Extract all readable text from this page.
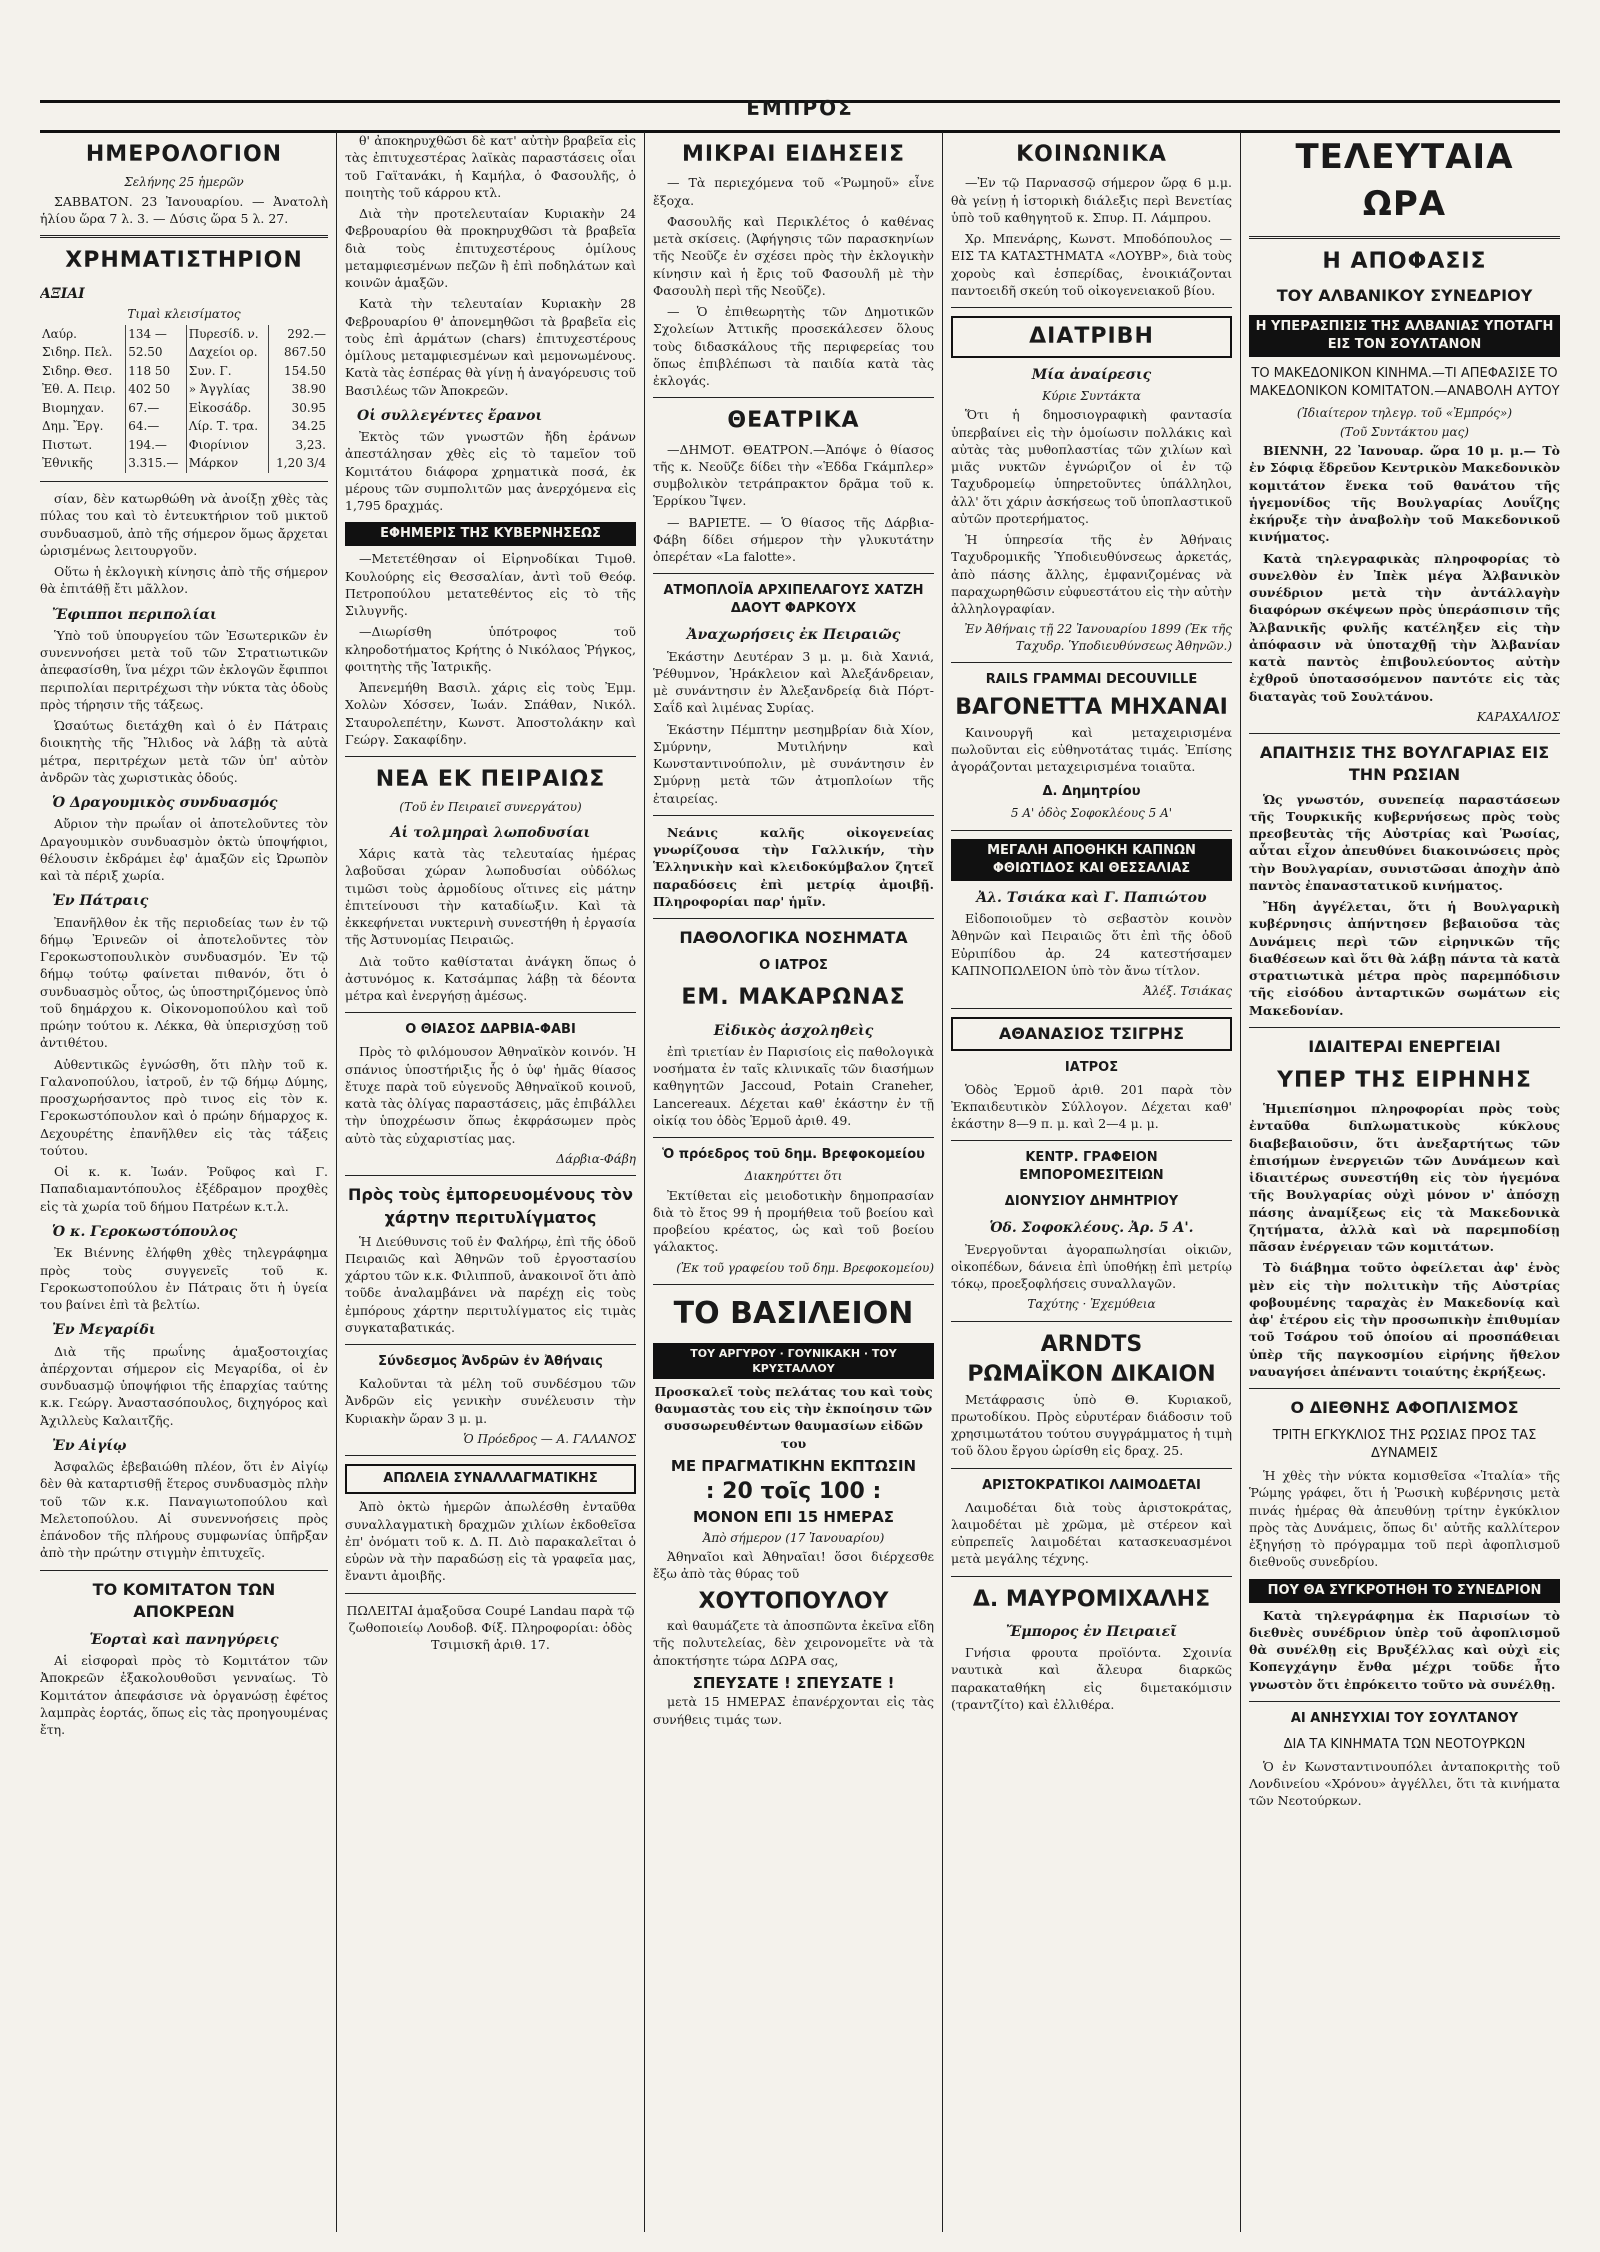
ΕΜΠΡΟΣ
ΗΜΕΡΟΛΟΓΙΟΝ
Σελήνης 25 ἡμερῶν

ΣΑΒΒΑΤΟΝ. 23 Ἰανουαρίου. — Ἀνατολὴ ἡλίου ὥρα 7 λ. 3. — Δύσις ὥρα 5 λ. 27.

ΧΡΗΜΑΤΙΣΤΗΡΙΟΝ
ΑΞΙΑΙ
Τιμαὶ κλεισίματος
Λαύρ.	134 —	Πυρεσίδ. ν.	292.—
Σιδηρ. Πελ.	52.50	Δαχείοι ορ.	867.50
Σιδηρ. Θεσ.	118 50	Συν. Γ.	154.50
Ἐθ. Α. Πειρ.	402 50	» Ἀγγλίας	38.90
Βιομηχαν.	67.—	Εἰκοσάδρ.	30.95
Δημ. Ἔργ.	64.—	Λίρ. Τ. τρα.	34.25
Πιστωτ.	194.—	Φιορίνιον	3,23.
Ἐθνικῆς	3.315.—	Μάρκον	1,20 3/4

σίαν, δὲν κατωρθώθη νὰ ἀνοίξῃ χθὲς τὰς πύλας του καὶ τὸ ἐντευκτήριον τοῦ μικτοῦ συνδυασμοῦ, ἀπὸ τῆς σήμερον ὅμως ἄρχεται ὡρισμένως λειτουργοῦν.

Οὕτω ἡ ἐκλογικὴ κίνησις ἀπὸ τῆς σήμερον θὰ ἐπιτάθῇ ἔτι μᾶλλον.

Ἔφιπποι περιπολίαι

Ὑπὸ τοῦ ὑπουργείου τῶν Ἐσωτερικῶν ἐν συνεννοήσει μετὰ τοῦ τῶν Στρατιωτικῶν ἀπεφασίσθη, ἵνα μέχρι τῶν ἐκλογῶν ἔφιπποι περιπολίαι περιτρέχωσι τὴν νύκτα τὰς ὁδοὺς πρὸς τήρησιν τῆς τάξεως.

Ὡσαύτως διετάχθη καὶ ὁ ἐν Πάτραις διοικητὴς τῆς Ἤλιδος νὰ λάβῃ τὰ αὐτὰ μέτρα, περιτρέχων μετὰ τῶν ὑπ' αὐτὸν ἀνδρῶν τὰς χωριστικὰς ὁδούς.

Ὁ Δραγουμικὸς συνδυασμός

Αὔριον τὴν πρωΐαν οἱ ἀποτελοῦντες τὸν Δραγουμικὸν συνδυασμὸν ὀκτὼ ὑποψήφιοι, θέλουσιν ἐκδράμει ἐφ' ἁμαξῶν εἰς Ὠρωπὸν καὶ τὰ πέριξ χωρία.

Ἐν Πάτραις

Ἐπανῆλθον ἐκ τῆς περιοδείας των ἐν τῷ δήμῳ Ἐρινεῶν οἱ ἀποτελοῦντες τὸν Γεροκωστοπουλικὸν συνδυασμόν. Ἐν τῷ δήμῳ τούτῳ φαίνεται πιθανόν, ὅτι ὁ συνδυασμὸς οὗτος, ὡς ὑποστηριζόμενος ὑπὸ τοῦ δημάρχου κ. Οἰκονομοπούλου καὶ τοῦ πρώην τούτου κ. Λέκκα, θὰ ὑπερισχύσῃ τοῦ ἀντιθέτου.

Αὐθεντικῶς ἐγνώσθη, ὅτι πλὴν τοῦ κ. Γαλανοπούλου, ἰατροῦ, ἐν τῷ δήμῳ Δύμης, προσχωρήσαντος πρὸ τινος εἰς τὸν κ. Γεροκωστόπουλον καὶ ὁ πρώην δήμαρχος κ. Δεχουρέτης ἐπανῆλθεν εἰς τὰς τάξεις τούτου.

Οἱ κ. κ. Ἰωάν. Ῥοῦφος καὶ Γ. Παπαδιαμαντόπουλος ἐξέδραμον προχθὲς εἰς τὰ χωρία τοῦ δήμου Πατρέων κ.τ.λ.

Ὁ κ. Γεροκωστόπουλος

Ἐκ Βιέννης ἐλήφθη χθὲς τηλεγράφημα πρὸς τοὺς συγγενεῖς τοῦ κ. Γεροκωστοπούλου ἐν Πάτραις ὅτι ἡ ὑγεία του βαίνει ἐπὶ τὰ βελτίω.

Ἐν Μεγαρίδι

Διὰ τῆς πρωΐνης ἁμαξοστοιχίας ἀπέρχονται σήμερον εἰς Μεγαρίδα, οἱ ἐν συνδυασμῷ ὑποψήφιοι τῆς ἐπαρχίας ταύτης κ.κ. Γεώργ. Ἀναστασόπουλος, διχηγόρος καὶ Ἀχιλλεὺς Καλαιτζῆς.

Ἐν Αἰγίῳ

Ἀσφαλῶς ἐβεβαιώθη πλέον, ὅτι ἐν Αἰγίῳ δὲν θὰ καταρτισθῇ ἕτερος συνδυασμὸς πλὴν τοῦ τῶν κ.κ. Παναγιωτοπούλου καὶ Μελετοπούλου. Αἱ συνεννοήσεις πρὸς ἐπάνοδον τῆς πλήρους συμφωνίας ὑπῆρξαν ἀπὸ τὴν πρώτην στιγμὴν ἐπιτυχεῖς.

ΤΟ ΚΟΜΙΤΑΤΟΝ ΤΩΝ ΑΠΟΚΡΕΩΝ
Ἑορταὶ καὶ πανηγύρεις

Αἱ εἰσφοραὶ πρὸς τὸ Κομιτάτον τῶν Ἀποκρεῶν ἐξακολουθοῦσι γενναίως. Τὸ Κομιτάτον ἀπεφάσισε νὰ ὀργανώσῃ ἐφέτος λαμπρὰς ἑορτάς, ὅπως εἰς τὰς προηγουμένας ἔτη.

θ' ἀποκηρυχθῶσι δὲ κατ' αὐτὴν βραβεῖα εἰς τὰς ἐπιτυχεστέρας λαϊκὰς παραστάσεις οἷαι τοῦ Γαϊτανάκι, ἡ Καμήλα, ὁ Φασουλῆς, ὁ ποιητὴς τοῦ κάρρου κτλ.

Διὰ τὴν προτελευταίαν Κυριακὴν 24 Φεβρουαρίου θὰ προκηρυχθῶσι τὰ βραβεῖα διὰ τοὺς ἐπιτυχεστέρους ὁμίλους μεταμφιεσμένων πεζῶν ἢ ἐπὶ ποδηλάτων καὶ κοινῶν ἁμαξῶν.

Κατὰ τὴν τελευταίαν Κυριακὴν 28 Φεβρουαρίου θ' ἀπονεμηθῶσι τὰ βραβεῖα εἰς τοὺς ἐπὶ ἁρμάτων (chars) ἐπιτυχεστέρους ὁμίλους μεταμφιεσμένων καὶ μεμονωμένους. Κατὰ τὰς ἑσπέρας θὰ γίνῃ ἡ ἀναγόρευσις τοῦ Βασιλέως τῶν Ἀποκρεῶν.

Οἱ συλλεγέντες ἔρανοι

Ἐκτὸς τῶν γνωστῶν ἤδη ἐράνων ἀπεστάλησαν χθὲς εἰς τὸ ταμεῖον τοῦ Κομιτάτου διάφορα χρηματικὰ ποσά, ἐκ μέρους τῶν συμπολιτῶν μας ἀνερχόμενα εἰς 1,795 δραχμάς.

ΕΦΗΜΕΡΙΣ ΤΗΣ ΚΥΒΕΡΝΗΣΕΩΣ

—Μετετέθησαν οἱ Εἰρηνοδίκαι Τιμοθ. Κουλούρης εἰς Θεσσαλίαν, ἀντὶ τοῦ Θεόφ. Πετροπούλου μετατεθέντος εἰς τὸ τῆς Σιλυγνῆς.

—Διωρίσθη ὑπότροφος τοῦ κληροδοτήματος Κρήτης ὁ Νικόλαος Ῥήγκος, φοιτητὴς τῆς Ἰατρικῆς.

Ἀπενεμήθη Βασιλ. χάρις εἰς τοὺς Ἐμμ. Χολὼν Χόσσεν, Ἰωάν. Σπάθαν, Νικόλ. Σταυρολεπέτην, Κωνστ. Ἀποστολάκην καὶ Γεώργ. Σακαφίδην.

ΝΕΑ ΕΚ ΠΕΙΡΑΙΩΣ
(Τοῦ ἐν Πειραιεῖ συνεργάτου)
Αἱ τολμηραὶ λωποδυσίαι

Χάρις κατὰ τὰς τελευταίας ἡμέρας λαβοῦσαι χώραν λωποδυσίαι οὐδόλως τιμῶσι τοὺς ἀρμοδίους οἵτινες εἰς μάτην ἐπιτείνουσι τὴν καταδίωξιν. Καὶ τὰ ἐκκεφήνεται νυκτερινὴ συνεστήθη ἡ ἐργασία τῆς Ἀστυνομίας Πειραιῶς.

Διὰ τοῦτο καθίσταται ἀνάγκη ὅπως ὁ ἀστυνόμος κ. Κατσάμπας λάβῃ τὰ δέοντα μέτρα καὶ ἐνεργήσῃ ἀμέσως.

Ο ΘΙΑΣΟΣ ΔΑΡΒΙΑ-ΦΑΒΙ

Πρὸς τὸ φιλόμουσον Ἀθηναϊκὸν κοινόν. Ἡ σπάνιος ὑποστήριξις ἧς ὁ ὑφ' ἡμᾶς θίασος ἔτυχε παρὰ τοῦ εὐγενοῦς Ἀθηναϊκοῦ κοινοῦ, κατὰ τὰς ὀλίγας παραστάσεις, μᾶς ἐπιβάλλει τὴν ὑποχρέωσιν ὅπως ἐκφράσωμεν πρὸς αὐτὸ τὰς εὐχαριστίας μας.

Δάρβια-Φάβη
Πρὸς τοὺς ἐμπορευομένους τὸν χάρτην περιτυλίγματος

Ἡ Διεύθυνσις τοῦ ἐν Φαλήρῳ, ἐπὶ τῆς ὁδοῦ Πειραιῶς καὶ Ἀθηνῶν τοῦ ἐργοστασίου χάρτου τῶν κ.κ. Φιλιπποῦ, ἀνακοινοῖ ὅτι ἀπὸ τοῦδε ἀναλαμβάνει νὰ παρέχῃ εἰς τοὺς ἐμπόρους χάρτην περιτυλίγματος εἰς τιμὰς συγκαταβατικάς.

Σύνδεσμος Ἀνδρῶν ἐν Ἀθήναις

Καλοῦνται τὰ μέλη τοῦ συνδέσμου τῶν Ἀνδρῶν εἰς γενικὴν συνέλευσιν τὴν Κυριακὴν ὥραν 3 μ. μ.

Ὁ Πρόεδρος — Α. ΓΑΛΑΝΟΣ
ΑΠΩΛΕΙΑ ΣΥΝΑΛΛΑΓΜΑΤΙΚΗΣ

Ἀπὸ ὀκτὼ ἡμερῶν ἀπωλέσθη ἐνταῦθα συναλλαγματικὴ δραχμῶν χιλίων ἐκδοθεῖσα ἐπ' ὀνόματι τοῦ κ. Δ. Π. Διὸ παρακαλεῖται ὁ εὑρὼν νὰ τὴν παραδώσῃ εἰς τὰ γραφεῖα μας, ἔναντι ἀμοιβῆς.

ΠΩΛΕΙΤΑΙ ἁμαξοῦσα Coupé Landau παρὰ τῷ ζωθοποιείῳ Λουδοβ. Φίξ. Πληροφορίαι: ὁδὸς Τσιμισκῆ ἀριθ. 17.

ΜΙΚΡΑΙ ΕΙΔΗΣΕΙΣ

— Τὰ περιεχόμενα τοῦ «Ῥωμηοῦ» εἶνε ἔξοχα.

Φασουλῆς καὶ Περικλέτος ὁ καθένας μετὰ σκίσεις. (Ἀφήγησις τῶν παρασκηνίων τῆς Νεοῦζε ἐν σχέσει πρὸς τὴν ἐκλογικὴν κίνησιν καὶ ἡ ἔρις τοῦ Φασουλῆ μὲ τὴν Φασουλὴ περὶ τῆς Νεοῦζε).

— Ὁ ἐπιθεωρητὴς τῶν Δημοτικῶν Σχολείων Ἀττικῆς προσεκάλεσεν ὅλους τοὺς διδασκάλους τῆς περιφερείας του ὅπως ἐπιβλέπωσι τὰ παιδία κατὰ τὰς ἐκλογάς.

ΘΕΑΤΡΙΚΑ

—ΔΗΜΟΤ. ΘΕΑΤΡΟΝ.—Ἀπόψε ὁ θίασος τῆς κ. Νεοῦζε δίδει τὴν «Ἑδδα Γκάμπλερ» συμβολικὸν τετράπρακτον δρᾶμα τοῦ κ. Ἑρρίκου Ἴψεν.

— ΒΑΡΙΕΤΕ. — Ὁ θίασος τῆς Δάρβια-Φάβη δίδει σήμερον τὴν γλυκυτάτην ὀπερέταν «La falotte».

ΑΤΜΟΠΛΟΪΑ ΑΡΧΙΠΕΛΑΓΟΥΣ ΧΑΤΖΗ ΔΑΟΥΤ ΦΑΡΚΟΥΧ
Ἀναχωρήσεις ἐκ Πειραιῶς

Ἑκάστην Δευτέραν 3 μ. μ. διὰ Χανιά, Ῥέθυμνον, Ἡράκλειον καὶ Ἀλεξάνδρειαν, μὲ συνάντησιν ἐν Ἀλεξανδρείᾳ διὰ Πόρτ-Σαΐδ καὶ λιμένας Συρίας.

Ἑκάστην Πέμπτην μεσημβρίαν διὰ Χίον, Σμύρνην, Μυτιλήνην καὶ Κωνσταντινούπολιν, μὲ συνάντησιν ἐν Σμύρνῃ μετὰ τῶν ἀτμοπλοίων τῆς ἐταιρείας.

Νεάνις καλῆς οἰκογενείας γνωρίζουσα τὴν Γαλλικήν, τὴν Ἑλληνικὴν καὶ κλειδοκύμβαλον ζητεῖ παραδόσεις ἐπὶ μετρίᾳ ἀμοιβῇ. Πληροφορίαι παρ' ἡμῖν.

ΠΑΘΟΛΟΓΙΚΑ ΝΟΣΗΜΑΤΑ
Ο ΙΑΤΡΟΣ
ΕΜ. ΜΑΚΑΡΩΝΑΣ
Εἰδικὸς ἀσχοληθεὶς

ἐπὶ τριετίαν ἐν Παρισίοις εἰς παθολογικὰ νοσήματα ἐν ταῖς κλινικαῖς τῶν διασήμων καθηγητῶν Jaccoud, Potain Craneher, Lancereaux. Δέχεται καθ' ἑκάστην ἐν τῇ οἰκίᾳ του ὁδὸς Ἑρμοῦ ἀριθ. 49.

Ὁ πρόεδρος τοῦ δημ. Βρεφοκομείου
Διακηρύττει ὅτι

Ἐκτίθεται εἰς μειοδοτικὴν δημοπρασίαν διὰ τὸ ἔτος 99 ἡ προμήθεια τοῦ βοείου καὶ προβείου κρέατος, ὡς καὶ τοῦ βοείου γάλακτος.

(Ἐκ τοῦ γραφείου τοῦ δημ. Βρεφοκομείου)
ΤΟ ΒΑΣΙΛΕΙΟΝ
ΤΟΥ ΑΡΓΥΡΟΥ · ΓΟΥΝΙΚΑΚΗ · ΤΟΥ ΚΡΥΣΤΑΛΛΟΥ

Προσκαλεῖ τοὺς πελάτας του καὶ τοὺς θαυμαστὰς του εἰς τὴν ἐκποίησιν τῶν συσσωρευθέντων θαυμασίων εἰδῶν του

ΜΕ ΠΡΑΓΜΑΤΙΚΗΝ ΕΚΠΤΩΣΙΝ
: 20 τοῖς 100 :
ΜΟΝΟΝ ΕΠΙ 15 ΗΜΕΡΑΣ
Ἀπὸ σήμερον (17 Ἰανουαρίου)

Ἀθηναῖοι καὶ Ἀθηναῖαι! ὅσοι διέρχεσθε ἔξω ἀπὸ τὰς θύρας τοῦ

ΧΟΥΤΟΠΟΥΛΟΥ

καὶ θαυμάζετε τὰ ἀποσπῶντα ἐκεῖνα εἴδη τῆς πολυτελείας, δὲν χειρονομεῖτε νὰ τὰ ἀποκτήσητε τώρα ΔΩΡΑ σας,

ΣΠΕΥΣΑΤΕ ! ΣΠΕΥΣΑΤΕ !

μετὰ 15 ΗΜΕΡΑΣ ἐπανέρχονται εἰς τὰς συνήθεις τιμάς των.

ΚΟΙΝΩΝΙΚΑ

—Ἐν τῷ Παρνασσῷ σήμερον ὥρᾳ 6 μ.μ. θὰ γείνῃ ἡ ἱστορικὴ διάλεξις περὶ Βενετίας ὑπὸ τοῦ καθηγητοῦ κ. Σπυρ. Π. Λάμπρου.

Χρ. Μπενάρης, Κωνστ. Μποδόπουλος —ΕΙΣ ΤΑ ΚΑΤΑΣΤΗΜΑΤΑ «ΛΟΥΒΡ», διὰ τοὺς χοροὺς καὶ ἑσπερίδας, ἐνοικιάζονται παντοειδῆ σκεύη τοῦ οἰκογενειακοῦ βίου.

ΔΙΑΤΡΙΒΗ
Μία ἀναίρεσις
Κύριε Συντάκτα

Ὅτι ἡ δημοσιογραφικὴ φαντασία ὑπερβαίνει εἰς τὴν ὁμοίωσιν πολλάκις καὶ αὐτὰς τὰς μυθοπλαστίας τῶν χιλίων καὶ μιᾶς νυκτῶν ἐγνώριζον οἱ ἐν τῷ Ταχυδρομείῳ ὑπηρετοῦντες ὑπάλληλοι, ἀλλ' ὅτι χάριν ἀσκήσεως τοῦ ὑποπλαστικοῦ αὐτῶν προτερήματος.

Ἡ ὑπηρεσία τῆς ἐν Ἀθήναις Ταχυδρομικῆς Ὑποδιευθύνσεως ἀρκετάς, ἀπὸ πάσης ἄλλης, ἐμφανιζομένας νὰ παραχωρηθῶσιν εὐφυεστάτου εἰς τὴν αὐτὴν ἀλληλογραφίαν.

Ἐν Ἀθήναις τῇ 22 Ἰανουαρίου 1899 (Ἐκ τῆς Ταχυδρ. Ὑποδιευθύνσεως Ἀθηνῶν.)
RAILS ΓΡΑΜΜΑΙ DECOUVILLE
ΒΑΓΟΝΕΤΤΑ ΜΗΧΑΝΑΙ

Καινουργῆ καὶ μεταχειρισμένα πωλοῦνται εἰς εὐθηνοτάτας τιμάς. Ἐπίσης ἀγοράζονται μεταχειρισμένα τοιαῦτα.

Δ. Δημητρίου
5 Α' ὁδὸς Σοφοκλέους 5 Α'
ΜΕΓΑΛΗ ΑΠΟΘΗΚΗ ΚΑΠΝΩΝ ΦΘΙΩΤΙΔΟΣ ΚΑΙ ΘΕΣΣΑΛΙΑΣ
Ἀλ. Τσιάκα καὶ Γ. Παπιώτου

Εἰδοποιοῦμεν τὸ σεβαστὸν κοινὸν Ἀθηνῶν καὶ Πειραιῶς ὅτι ἐπὶ τῆς ὁδοῦ Εὐριπίδου ἀρ. 24 κατεστήσαμεν ΚΑΠΝΟΠΩΛΕΙΟΝ ὑπὸ τὸν ἄνω τίτλον.

Ἀλέξ. Τσιάκας
ΑΘΑΝΑΣΙΟΣ ΤΣΙΓΡΗΣ
ΙΑΤΡΟΣ

Ὁδὸς Ἑρμοῦ ἀριθ. 201 παρὰ τὸν Ἐκπαιδευτικὸν Σύλλογον. Δέχεται καθ' ἑκάστην 8—9 π. μ. καὶ 2—4 μ. μ.

ΚΕΝΤΡ. ΓΡΑΦΕΙΟΝ ΕΜΠΟΡΟΜΕΣΙΤΕΙΩΝ
ΔΙΟΝΥΣΙΟΥ ΔΗΜΗΤΡΙΟΥ
Ὁδ. Σοφοκλέους. Ἀρ. 5 Α'.

Ἐνεργοῦνται ἀγοραπωλησίαι οἰκιῶν, οἰκοπέδων, δάνεια ἐπὶ ὑποθήκῃ ἐπὶ μετρίῳ τόκῳ, προεξοφλήσεις συναλλαγῶν.

Ταχύτης · Ἐχεμύθεια
ARNDTS
ΡΩΜΑΪΚΟΝ ΔΙΚΑΙΟΝ

Μετάφρασις ὑπὸ Θ. Κυριακοῦ, πρωτοδίκου. Πρὸς εὐρυτέραν διάδοσιν τοῦ χρησιμωτάτου τούτου συγγράμματος ἡ τιμὴ τοῦ ὅλου ἔργου ὡρίσθη εἰς δραχ. 25.

ΑΡΙΣΤΟΚΡΑΤΙΚΟΙ ΛΑΙΜΟΔΕΤΑΙ

Λαιμοδέται διὰ τοὺς ἀριστοκράτας, λαιμοδέται μὲ χρῶμα, μὲ στέρεον καὶ εὐπρεπεῖς λαιμοδέται κατασκευασμένοι μετὰ μεγάλης τέχνης.

Δ. ΜΑΥΡΟΜΙΧΑΛΗΣ
Ἔμπορος ἐν Πειραιεῖ

Γνήσια φρουτα προϊόντα. Σχοινία ναυτικὰ καὶ ἄλευρα διαρκῶς παρακαταθήκη εἰς διμετακόμισιν (τραντζίτο) καὶ ἐλλιθέρα.

ΤΕΛΕΥΤΑΙΑ ΩΡΑ
Η ΑΠΟΦΑΣΙΣ
ΤΟΥ ΑΛΒΑΝΙΚΟΥ ΣΥΝΕΔΡΙΟΥ
Η ΥΠΕΡΑΣΠΙΣΙΣ ΤΗΣ ΑΛΒΑΝΙΑΣ ΥΠΟΤΑΓΗ ΕΙΣ ΤΟΝ ΣΟΥΛΤΑΝΟΝ
ΤΟ ΜΑΚΕΔΟΝΙΚΟΝ ΚΙΝΗΜΑ.—ΤΙ ΑΠΕΦΑΣΙΣΕ ΤΟ ΜΑΚΕΔΟΝΙΚΟΝ ΚΟΜΙΤΑΤΟΝ.—ΑΝΑΒΟΛΗ ΑΥΤΟΥ
(Ἰδιαίτερον τηλεγρ. τοῦ «Ἐμπρός»)
(Τοῦ Συντάκτου μας)

ΒΙΕΝΝΗ, 22 Ἰανουαρ. ὥρα 10 μ. μ.— Τὸ ἐν Σόφιᾳ ἕδρεῦον Κεντρικὸν Μακεδονικὸν κομιτάτον ἕνεκα τοῦ θανάτου τῆς ἡγεμονίδος τῆς Βουλγαρίας Λουΐζης ἐκήρυξε τὴν ἀναβολὴν τοῦ Μακεδονικοῦ κινήματος.

Κατὰ τηλεγραφικὰς πληροφορίας τὸ συνελθὸν ἐν Ἰπὲκ μέγα Ἀλβανικὸν συνέδριον μετὰ τὴν ἀντάλλαγὴν διαφόρων σκέψεων πρὸς ὑπεράσπισιν τῆς Ἀλβανικῆς φυλῆς κατέληξεν εἰς τὴν ἀπόφασιν νὰ ὑποταχθῇ τὴν Ἀλβανίαν κατὰ παντὸς ἐπιβουλεύοντος αὐτὴν ἐχθροῦ ὑποτασσόμενον παντότε εἰς τὰς διαταγὰς τοῦ Σουλτάνου.

ΚΑΡΑΧΑΛΙΟΣ
ΑΠΑΙΤΗΣΙΣ ΤΗΣ ΒΟΥΛΓΑΡΙΑΣ ΕΙΣ ΤΗΝ ΡΩΣΙΑΝ

Ὡς γνωστόν, συνεπείᾳ παραστάσεων τῆς Τουρκικῆς κυβερνήσεως πρὸς τοὺς πρεσβευτὰς τῆς Αὐστρίας καὶ Ῥωσίας, αὗται εἶχον ἀπευθύνει διακοινώσεις πρὸς τὴν Βουλγαρίαν, συνιστῶσαι ἀποχὴν ἀπὸ παντὸς ἐπαναστατικοῦ κινήματος.

Ἤδη ἀγγέλεται, ὅτι ἡ Βουλγαρικὴ κυβέρνησις ἀπήντησεν βεβαιοῦσα τὰς Δυνάμεις περὶ τῶν εἰρηνικῶν τῆς διαθέσεων καὶ ὅτι θὰ λάβῃ πάντα τὰ κατὰ στρατιωτικὰ μέτρα πρὸς παρεμπόδισιν τῆς εἰσόδου ἀνταρτικῶν σωμάτων εἰς Μακεδονίαν.

ΙΔΙΑΙΤΕΡΑΙ ΕΝΕΡΓΕΙΑΙ
ΥΠΕΡ ΤΗΣ ΕΙΡΗΝΗΣ

Ἡμιεπίσημοι πληροφορίαι πρὸς τοὺς ἐνταῦθα διπλωματικοὺς κύκλους διαβεβαιοῦσιν, ὅτι ἀνεξαρτήτως τῶν ἐπισήμων ἐνεργειῶν τῶν Δυνάμεων καὶ ἰδιαιτέρως συνεστήθη εἰς τὸν ἡγεμόνα τῆς Βουλγαρίας οὐχὶ μόνον ν' ἀπόσχῃ πάσης ἀναμίξεως εἰς τὰ Μακεδονικὰ ζητήματα, ἀλλὰ καὶ νὰ παρεμποδίσῃ πᾶσαν ἐνέργειαν τῶν κομιτάτων.

Τὸ διάβημα τοῦτο ὀφείλεται ἀφ' ἑνὸς μὲν εἰς τὴν πολιτικὴν τῆς Αὐστρίας φοβουμένης ταραχὰς ἐν Μακεδονίᾳ καὶ ἀφ' ἑτέρου εἰς τὴν προσωπικὴν ἐπιθυμίαν τοῦ Τσάρου τοῦ ὁποίου αἱ προσπάθειαι ὑπὲρ τῆς παγκοσμίου εἰρήνης ἤθελον ναυαγήσει ἀπέναντι τοιαύτης ἐκρήξεως.

Ο ΔΙΕΘΝΗΣ ΑΦΟΠΛΙΣΜΟΣ
ΤΡΙΤΗ ΕΓΚΥΚΛΙΟΣ ΤΗΣ ΡΩΣΙΑΣ ΠΡΟΣ ΤΑΣ ΔΥΝΑΜΕΙΣ

Ἡ χθὲς τὴν νύκτα κομισθεῖσα «Ἰταλία» τῆς Ῥώμης γράφει, ὅτι ἡ Ῥωσικὴ κυβέρνησις μετὰ πινάς ἡμέρας θὰ ἀπευθύνῃ τρίτην ἐγκύκλιον πρὸς τὰς Δυνάμεις, ὅπως δι' αὐτῆς καλλίτερον ἐξηγήσῃ τὸ πρόγραμμα τοῦ περὶ ἀφοπλισμοῦ διεθνοῦς συνεδρίου.

ΠΟΥ ΘΑ ΣΥΓΚΡΟΤΗΘΗ ΤΟ ΣΥΝΕΔΡΙΟΝ

Κατὰ τηλεγράφημα ἐκ Παρισίων τὸ διεθνὲς συνέδριον ὑπὲρ τοῦ ἀφοπλισμοῦ θὰ συνέλθῃ εἰς Βρυξέλλας καὶ οὐχὶ εἰς Κοπεγχάγην ἔνθα μέχρι τοῦδε ἦτο γνωστὸν ὅτι ἐπρόκειτο τοῦτο νὰ συνέλθῃ.

ΑΙ ΑΝΗΣΥΧΙΑΙ ΤΟΥ ΣΟΥΛΤΑΝΟΥ
ΔΙΑ ΤΑ ΚΙΝΗΜΑΤΑ ΤΩΝ ΝΕΟΤΟΥΡΚΩΝ

Ὁ ἐν Κωνσταντινουπόλει ἀνταποκριτὴς τοῦ Λονδινείου «Χρόνου» ἀγγέλλει, ὅτι τὰ κινήματα τῶν Νεοτούρκων.
